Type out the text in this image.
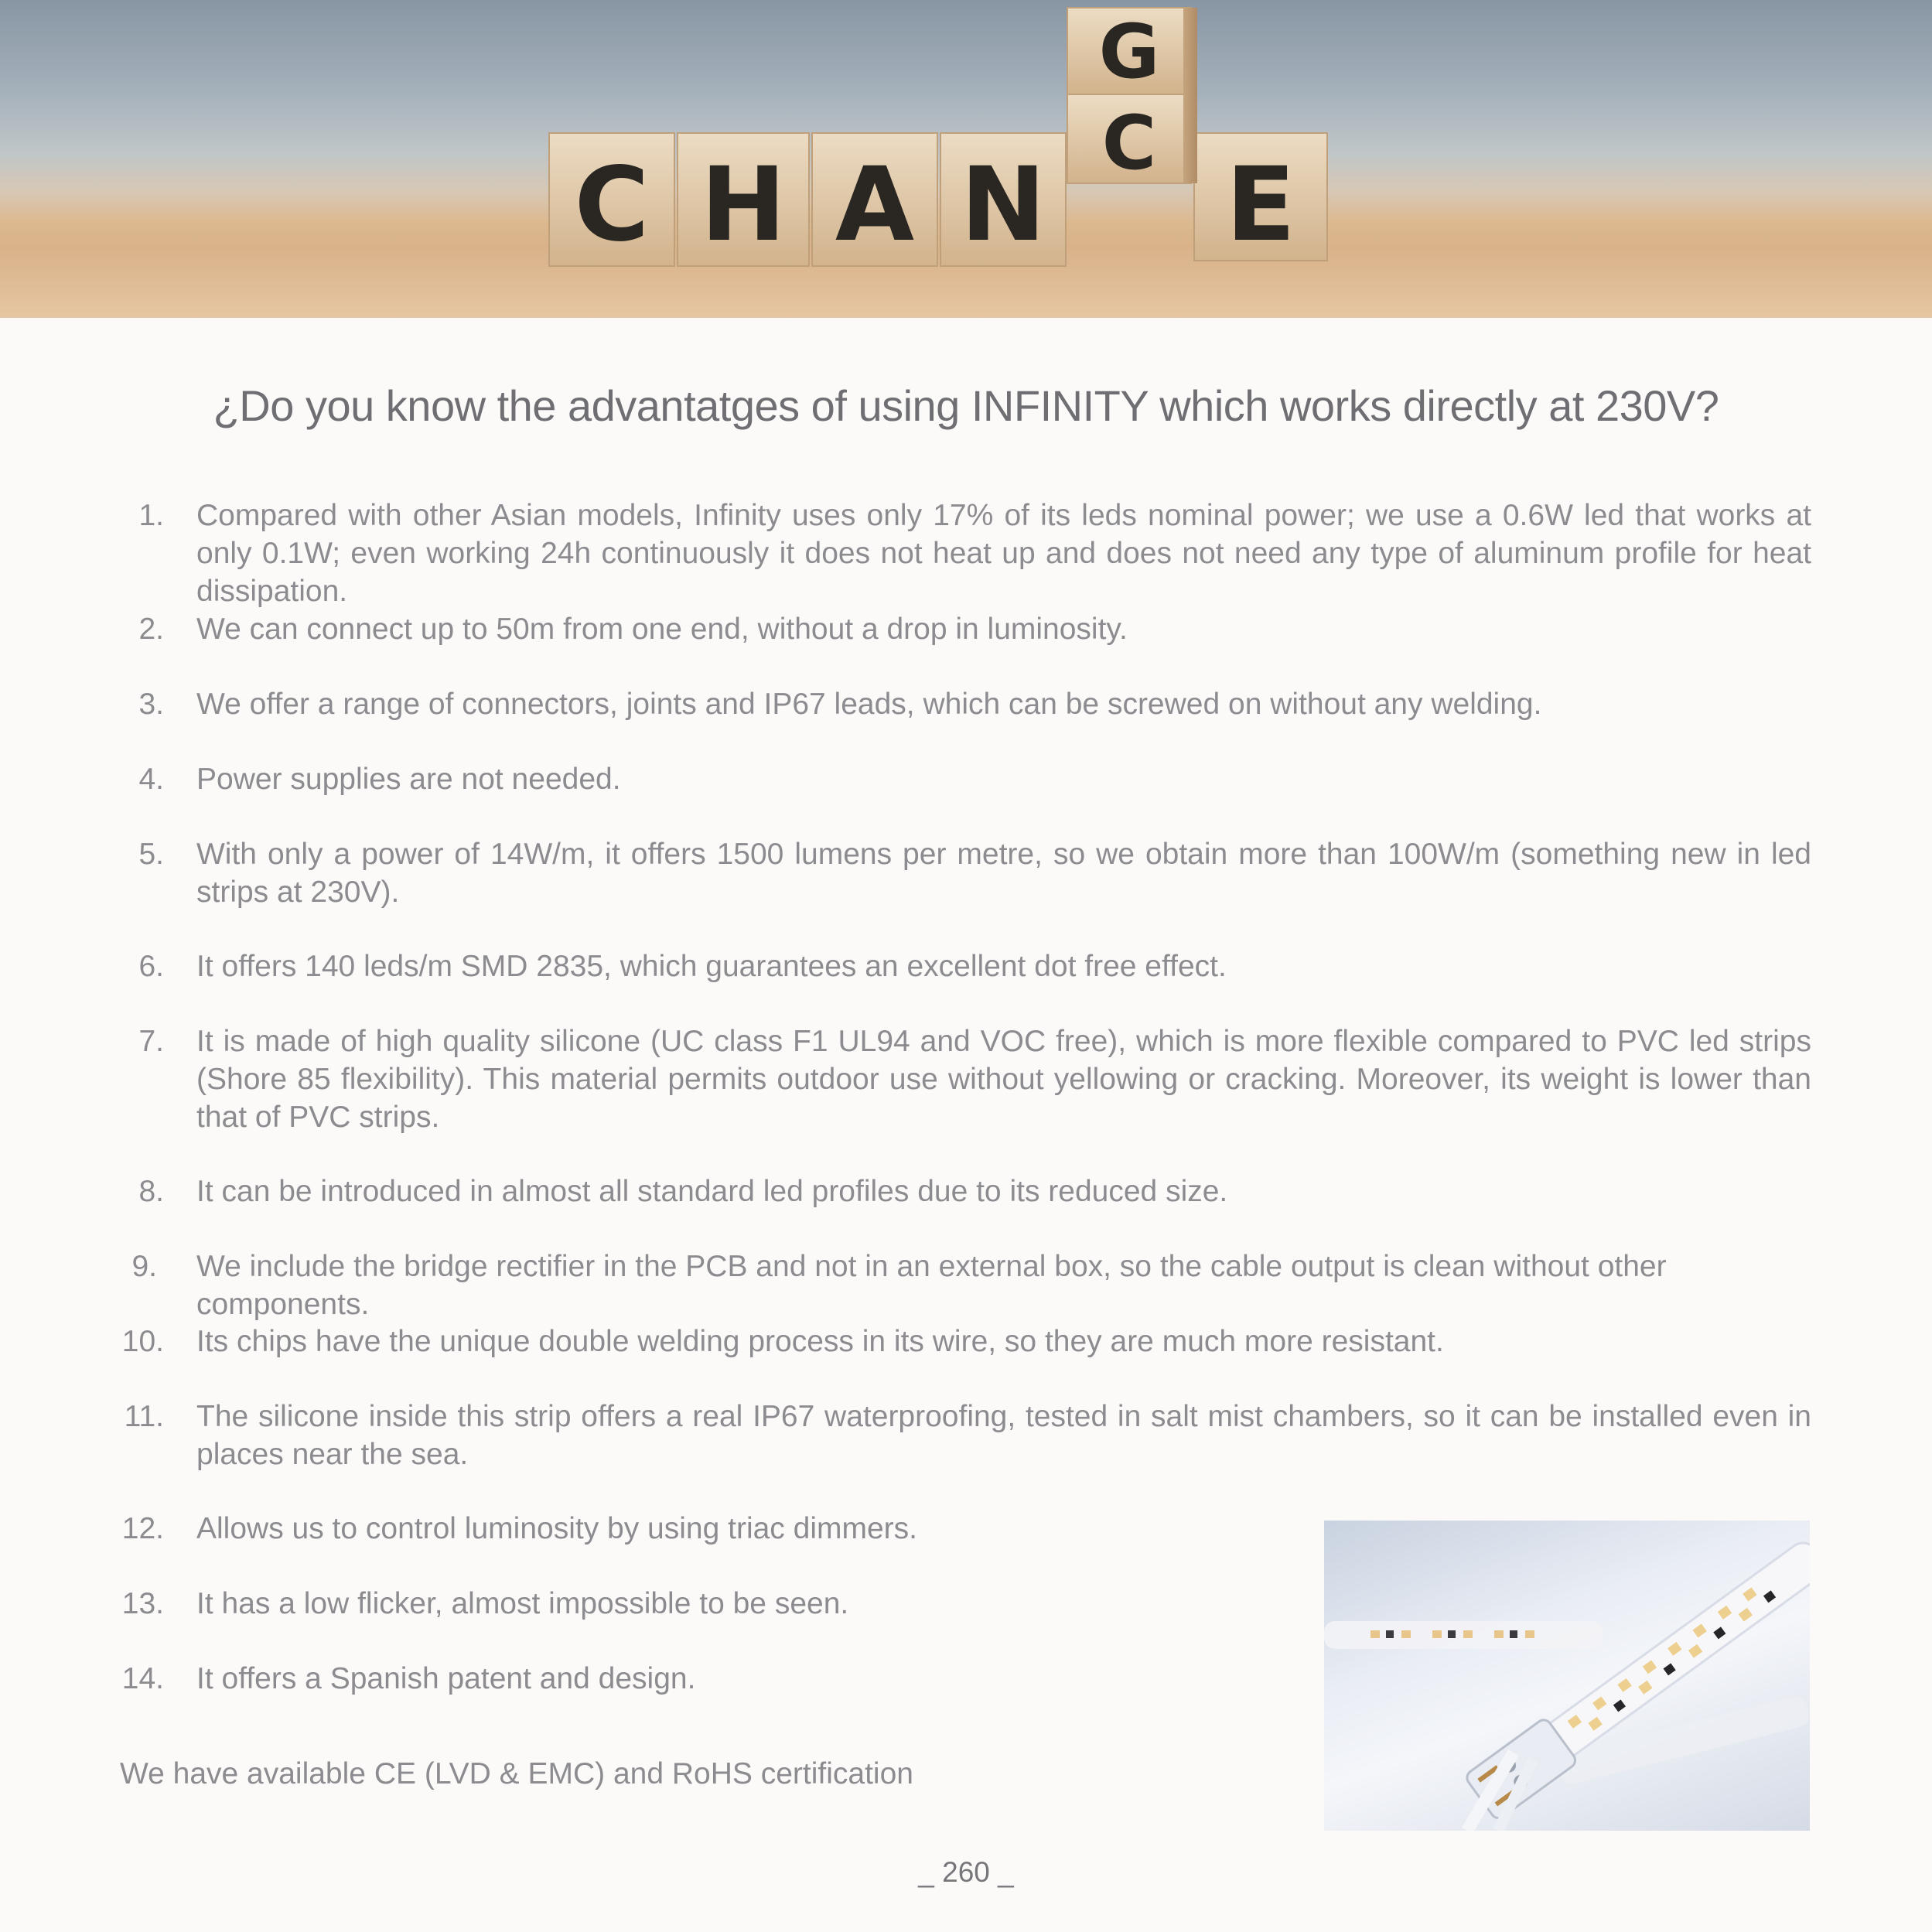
C H A N E
G
C
¿Do you know the advantatges of using INFINITY which works directly at 230V?
1. Compared with other Asian models, Infinity uses only 17% of its leds nominal power; we use a 0.6W led that works at only 0.1W; even working 24h continuously it does not heat up and does not need any type of aluminum profile for heat dissipation.
2. We can connect up to 50m from one end, without a drop in luminosity.
3. We offer a range of connectors, joints and IP67 leads, which can be screwed on without any welding.
4. Power supplies are not needed.
5. With only a power of 14W/m, it offers 1500 lumens per metre, so we obtain more than 100W/m (something new in led strips at 230V).
6. It offers 140 leds/m SMD 2835, which guarantees an excellent dot free effect.
7. It is made of high quality silicone (UC class F1 UL94 and VOC free), which is more flexible compared to PVC led strips (Shore 85 flexibility). This material permits outdoor use without yellowing or cracking. Moreover, its weight is lower than that of PVC strips.
8. It can be introduced in almost all standard led profiles due to its reduced size.
9. We include the bridge rectifier in the PCB and not in an external box, so the cable output is clean without other components.
10. Its chips have the unique double welding process in its wire, so they are much more resistant.
11. The silicone inside this strip offers a real IP67 waterproofing, tested in salt mist chambers, so it can be installed even in places near the sea.
12. Allows us to control luminosity by using triac dimmers.
13. It has a low flicker, almost impossible to be seen.
14. It offers a Spanish patent and design.
We have available CE (LVD & EMC) and RoHS certification
_ 260 _
